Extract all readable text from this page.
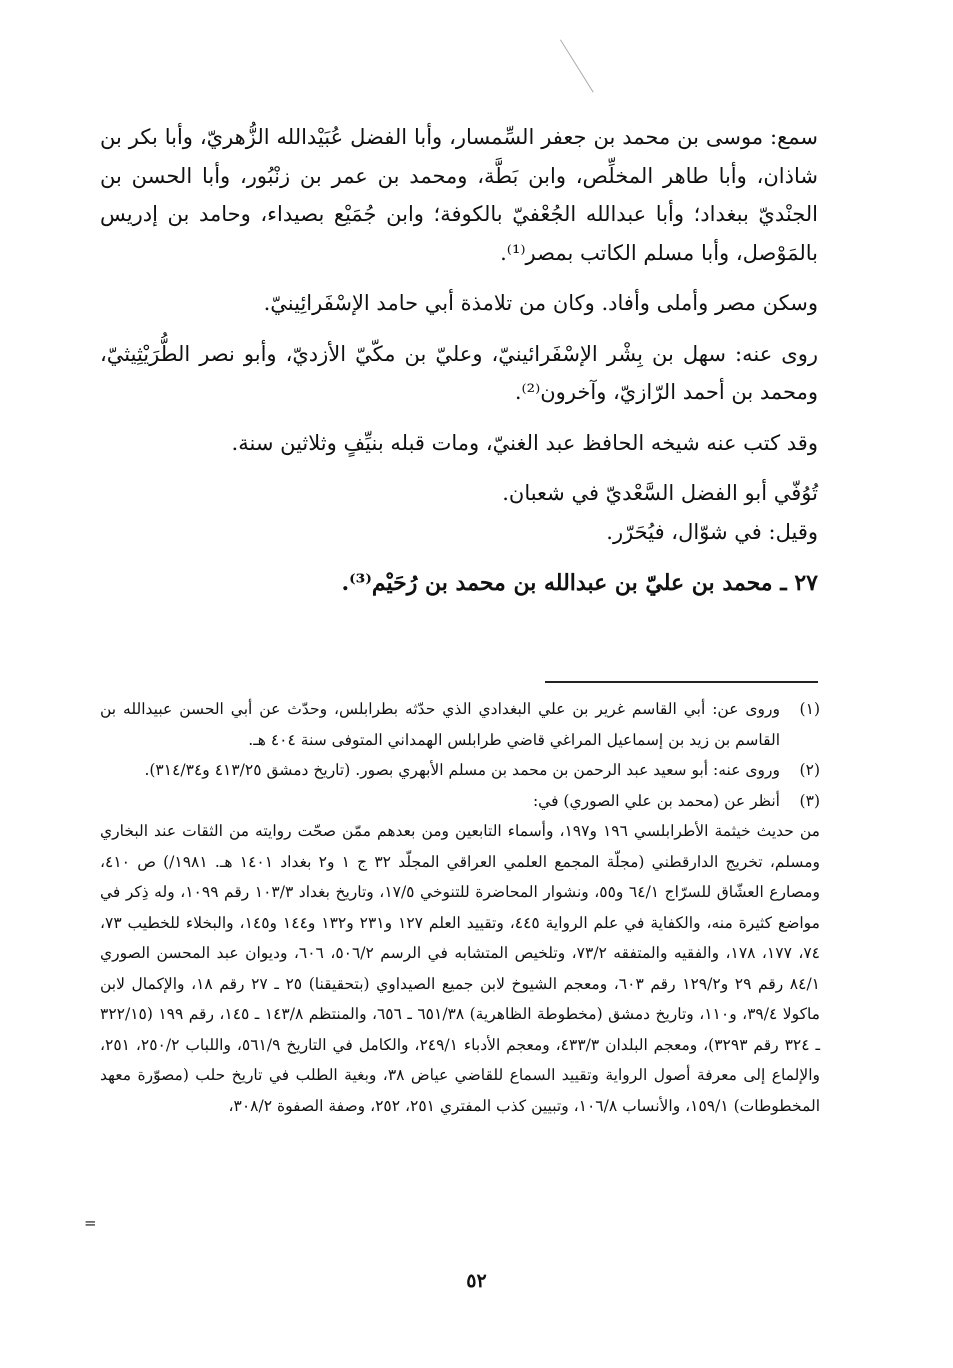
سمع: موسى بن محمد بن جعفر السِّمسار، وأبا الفضل عُبَيْدالله الزُّهريّ، وأبا بكر بن شاذان، وأبا طاهر المخلِّص، وابن بَطَّة، ومحمد بن عمر بن زنْبُور، وأبا الحسن بن الجنْديّ ببغداد؛ وأبا عبدالله الجُعْفيّ بالكوفة؛ وابن جُمَيْع بصيداء، وحامد بن إدريس بالمَوْصل، وأبا مسلم الكاتب بمصر⁽¹⁾.

وسكن مصر وأملى وأفاد. وكان من تلامذة أبي حامد الإسْفَرائِينيّ.

روى عنه: سهل بن بِشْر الإسْفَرائينيّ، وعليّ بن مكّيّ الأزديّ، وأبو نصر الطُّرَيْثِيثيّ، ومحمد بن أحمد الرّازيّ، وآخرون⁽²⁾.

وقد كتب عنه شيخه الحافظ عبد الغنيّ، ومات قبله بنيِّفٍ وثلاثين سنة.

تُوُفّي أبو الفضل السَّعْديّ في شعبان.

وقيل: في شوّال، فيُحَرّر.

٢٧ ـ محمد بن عليّ بن عبدالله بن محمد بن رُحَيْم⁽³⁾.

(١)
وروى عن: أبي القاسم غرير بن علي البغدادي الذي حدّثه بطرابلس، وحدّث عن أبي الحسن عبيدالله بن القاسم بن زيد بن إسماعيل المراغي قاضي طرابلس الهمداني المتوفى سنة ٤٠٤ هـ.
(٢)
وروى عنه: أبو سعيد عبد الرحمن بن محمد بن مسلم الأبهري بصور. (تاريخ دمشق ٤١٣/٢٥ و٣١٤/٣٤).
(٣)
أنظر عن (محمد بن علي الصوري) في:
من حديث خيثمة الأطرابلسي ١٩٦ و١٩٧، وأسماء التابعين ومن بعدهم ممّن صحّت روايته من الثقات عند البخاري ومسلم، تخريج الدارقطني (مجلّة المجمع العلمي العراقي المجلّد ٣٢ ج ١ و٢ بغداد ١٤٠١ هـ. ١٩٨١/) ص ٤١٠، ومصارع العشّاق للسرّاج ٦٤/١ و٥٥، ونشوار المحاضرة للتنوخي ١٧/٥، وتاريخ بغداد ١٠٣/٣ رقم ١٠٩٩، وله ذِكر في مواضع كثيرة منه، والكفاية في علم الرواية ٤٤٥، وتقييد العلم ١٢٧ و٢٣١ و١٣٢ و١٤٤ و١٤٥، والبخلاء للخطيب ٧٣، ٧٤، ١٧٧، ١٧٨، والفقيه والمتفقه ٧٣/٢، وتلخيص المتشابه في الرسم ٥٠٦/٢، ٦٠٦، وديوان عبد المحسن الصوري ٨٤/١ رقم ٢٩ و١٢٩/٢ رقم ٦٠٣، ومعجم الشيوخ لابن جميع الصيداوي (بتحقيقنا) ٢٥ ـ ٢٧ رقم ١٨، والإكمال لابن ماكولا ٣٩/٤، و١١٠، وتاريخ دمشق (مخطوطة الظاهرية) ٦٥١/٣٨ ـ ٦٥٦، والمنتظم ١٤٣/٨ ـ ١٤٥، رقم ١٩٩ (٣٢٢/١٥ ـ ٣٢٤ رقم ٣٢٩٣)، ومعجم البلدان ٤٣٣/٣، ومعجم الأدباء ٢٤٩/١، والكامل في التاريخ ٥٦١/٩، واللباب ٢٥٠/٢، ٢٥١، والإلماع إلى معرفة أصول الرواية وتقييد السماع للقاضي عياض ٣٨، وبغية الطلب في تاريخ حلب (مصوّرة معهد المخطوطات) ١٥٩/١، والأنساب ١٠٦/٨، وتبيين كذب المفتري ٢٥١، ٢٥٢، وصفة الصفوة ٣٠٨/٢،
=
٥٢
